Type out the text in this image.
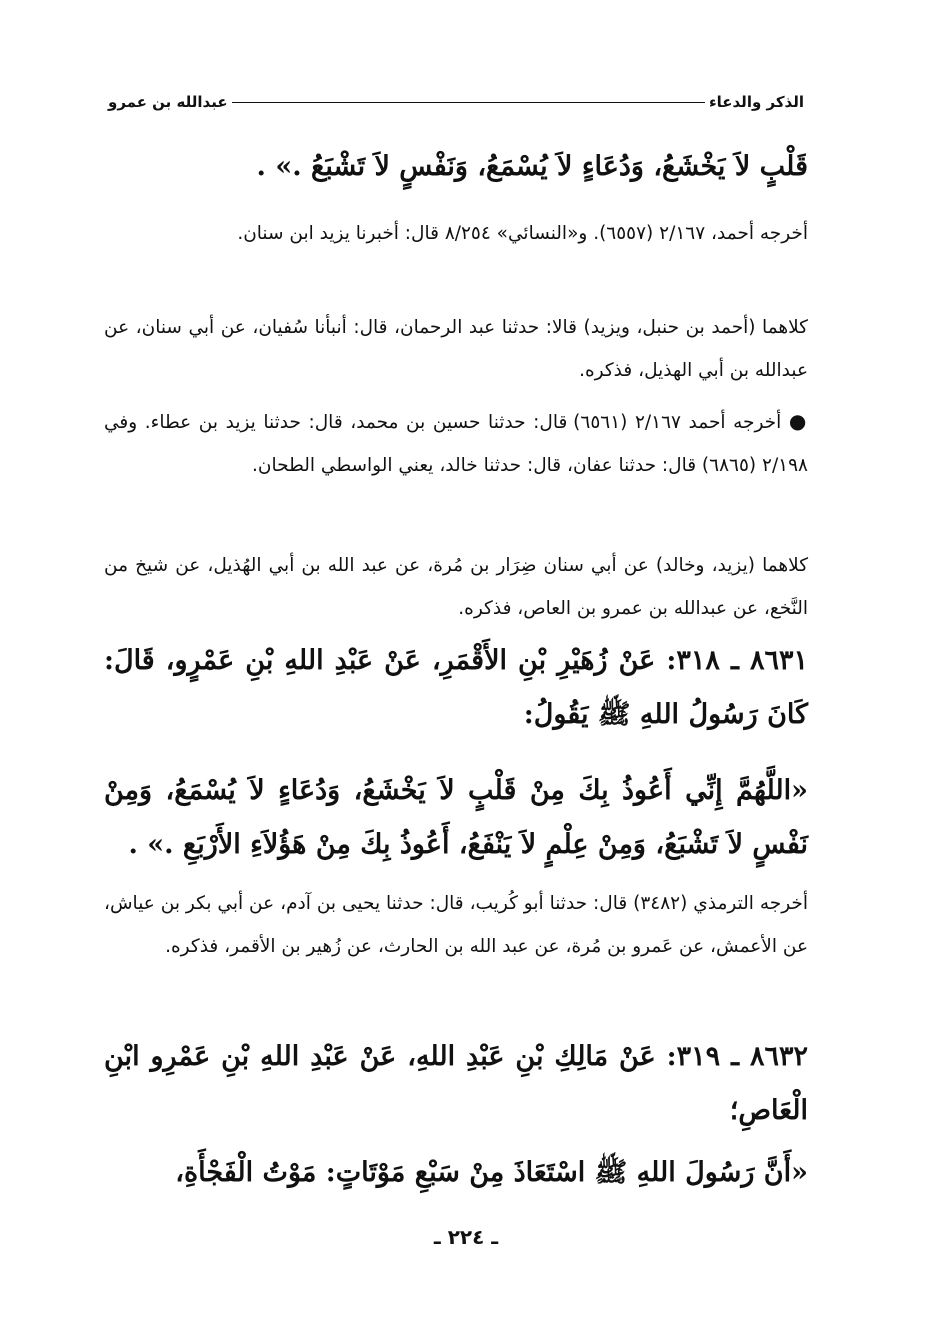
الذكر والدعاء
عبدالله بن عمرو

قَلْبٍ لاَ يَخْشَعُ، وَدُعَاءٍ لاَ يُسْمَعُ، وَنَفْسٍ لاَ تَشْبَعُ .» .

أخرجه أحمد، ٢/١٦٧ (٦٥٥٧). و«النسائي» ٨/٢٥٤ قال: أخبرنا يزيد ابن سنان.

كلاهما (أحمد بن حنبل، ويزيد) قالا: حدثنا عبد الرحمان، قال: أنبأنا سُفيان، عن أبي سنان، عن عبدالله بن أبي الهذيل، فذكره.

● أخرجه أحمد ٢/١٦٧ (٦٥٦١) قال: حدثنا حسين بن محمد، قال: حدثنا يزيد بن عطاء. وفي ٢/١٩٨ (٦٨٦٥) قال: حدثنا عفان، قال: حدثنا خالد، يعني الواسطي الطحان.

كلاهما (يزيد، وخالد) عن أبي سنان ضِرَار بن مُرة، عن عبد الله بن أبي الهُذيل، عن شيخ من النَّخع، عن عبدالله بن عمرو بن العاص، فذكره.

٨٦٣١ ـ ٣١٨: عَنْ زُهَيْرِ بْنِ الأَقْمَرِ، عَنْ عَبْدِ اللهِ بْنِ عَمْرٍو، قَالَ: كَانَ رَسُولُ اللهِ ﷺ يَقُولُ:

«اللَّهُمَّ إِنِّي أَعُوذُ بِكَ مِنْ قَلْبٍ لاَ يَخْشَعُ، وَدُعَاءٍ لاَ يُسْمَعُ، وَمِنْ نَفْسٍ لاَ تَشْبَعُ، وَمِنْ عِلْمٍ لاَ يَنْفَعُ، أَعُوذُ بِكَ مِنْ هَؤُلاَءِ الأَرْبَعِ .» .

أخرجه الترمذي (٣٤٨٢) قال: حدثنا أبو كُريب، قال: حدثنا يحيى بن آدم، عن أبي بكر بن عياش، عن الأعمش، عن عَمرو بن مُرة، عن عبد الله بن الحارث، عن زُهير بن الأقمر، فذكره.

٨٦٣٢ ـ ٣١٩: عَنْ مَالِكِ بْنِ عَبْدِ اللهِ، عَنْ عَبْدِ اللهِ بْنِ عَمْرِو ابْنِ الْعَاصِ؛

«أَنَّ رَسُولَ اللهِ ﷺ اسْتَعَاذَ مِنْ سَبْعِ مَوْتَاتٍ: مَوْتُ الْفَجْأَةِ،

ـ ٢٢٤ ـ
